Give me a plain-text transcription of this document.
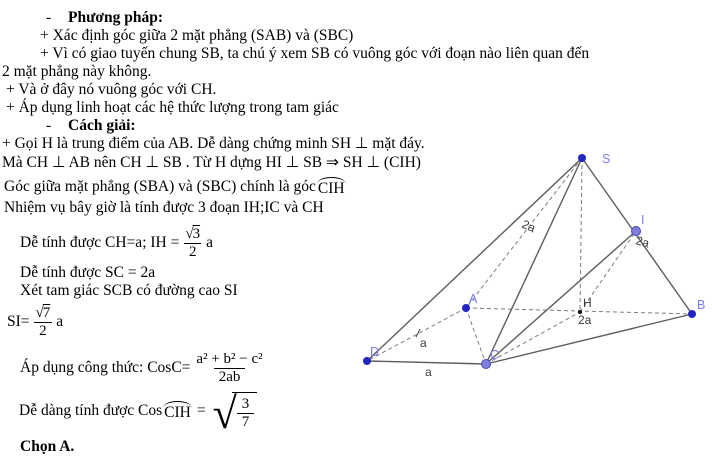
- Phương pháp:
+ Xác định góc giữa 2 mặt phẳng (SAB) và (SBC)
+ Vì có giao tuyến chung SB, ta chú ý xem SB có vuông góc với đoạn nào liên quan đến
2 mặt phẳng này không.
+ Và ở đây nó vuông góc với CH.
+ Áp dụng linh hoạt các hệ thức lượng trong tam giác
- Cách giải:
+ Gọi H là trung điểm của AB. Dễ dàng chứng minh SH ⊥ mặt đáy.
Mà CH ⊥ AB nên CH ⊥ SB . Từ H dựng HI ⊥ SB ⇒ SH ⊥ (CIH)
Góc giữa mặt phẳng (SBA) và (SBC) chính là góc CIH
Nhiệm vụ bây giờ là tính được 3 đoạn IH;IC và CH
Dễ tính được CH=a; IH = $\frac{√3}{2}$ a
Dễ tính được SC = 2a
Xét tam giác SCB có đường cao SI
$SI= \frac{√7}{2}$ a
Áp dụng công thức: CosC= $\frac{\text{a² + b² − c²}}{2ab}$
Dễ dàng tính được Cos CIH = √ $\frac{3}{7}$
Chọn A.
S
I
B
A
C
D
H
2a
2a
2a
a
a
